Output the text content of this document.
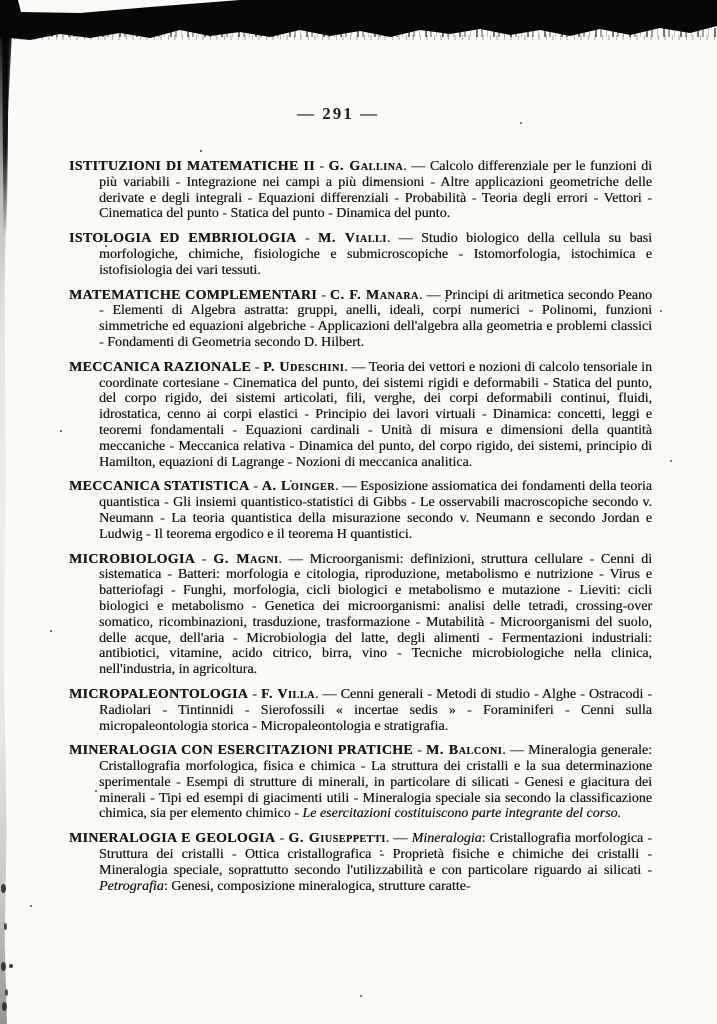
— 291 —

ISTITUZIONI DI MATEMATICHE II - G. Gallina. — Calcolo differenziale per le funzioni di più variabili - Integrazione nei campi a più dimensioni - Altre applicazioni geometriche delle derivate e degli integrali - Equazioni differenziali - Probabilità - Teoria degli errori - Vettori - Cinematica del punto - Statica del punto - Dinamica del punto.

ISTOLOGIA ED EMBRIOLOGIA - M. Vialli. — Studio biologico della cellula su basi morfologiche, chimiche, fisiologiche e submicroscopiche - Istomorfologia, istochimica e istofisiologia dei vari tessuti.

MATEMATICHE COMPLEMENTARI - C. F. Manara. — Principi di aritmetica secondo Peano - Elementi di Algebra astratta: gruppi, anelli, ideali, corpi numerici - Polinomi, funzioni simmetriche ed equazioni algebriche - Applicazioni dell'algebra alla geometria e problemi classici - Fondamenti di Geometria secondo D. Hilbert.

MECCANICA RAZIONALE - P. Udeschini. — Teoria dei vettori e nozioni di calcolo tensoriale in coordinate cortesiane - Cinematica del punto, dei sistemi rigidi e deformabili - Statica del punto, del corpo rigido, dei sistemi articolati, fili, verghe, dei corpi deformabili continui, fluidi, idrostatica, cenno ai corpi elastici - Principio dei lavori virtuali - Dinamica: concetti, leggi e teoremi fondamentali - Equazioni cardinali - Unità di misura e dimensioni della quantità meccaniche - Meccanica relativa - Dinamica del punto, del corpo rigido, dei sistemi, principio di Hamilton, equazioni di Lagrange - Nozioni di meccanica analitica.

MECCANICA STATISTICA - A. Loinger. — Esposizione assiomatica dei fondamenti della teoria quantistica - Gli insiemi quantistico-statistici di Gibbs - Le osservabili macroscopiche secondo v. Neumann - La teoria quantistica della misurazione secondo v. Neumann e secondo Jordan e Ludwig - Il teorema ergodico e il teorema H quantistici.

MICROBIOLOGIA - G. Magni. — Microorganismi: definizioni, struttura cellulare - Cenni di sistematica - Batteri: morfologia e citologia, riproduzione, metabolismo e nutrizione - Virus e batteriofagi - Funghi, morfologia, cicli biologici e metabolismo e mutazione - Lieviti: cicli biologici e metabolismo - Genetica dei microorganismi: analisi delle tetradi, crossing-over somatico, ricombinazioni, trasduzione, trasformazione - Mutabilità - Microorganismi del suolo, delle acque, dell'aria - Microbiologia del latte, degli alimenti - Fermentazioni industriali: antibiotici, vitamine, acido citrico, birra, vino - Tecniche microbiologiche nella clinica, nell'industria, in agricoltura.

MICROPALEONTOLOGIA - F. Villa. — Cenni generali - Metodi di studio - Alghe - Ostracodi - Radiolari - Tintinnidi - Sierofossili « incertae sedis » - Foraminiferi - Cenni sulla micropaleontologia storica - Micropaleontologia e stratigrafia.

MINERALOGIA CON ESERCITAZIONI PRATICHE - M. Balconi. — Mineralogia generale: Cristallografia morfologica, fisica e chimica - La struttura dei cristalli e la sua determinazione sperimentale - Esempi di strutture di minerali, in particolare di silicati - Genesi e giacitura dei minerali - Tipi ed esempi di giacimenti utili - Mineralogia speciale sia secondo la classificazione chimica, sia per elemento chimico - Le esercitazioni costituiscono parte integrante del corso.

MINERALOGIA E GEOLOGIA - G. Giuseppetti. — Mineralogia: Cristallografia morfologica - Struttura dei cristalli - Ottica cristallografica - Proprietà fisiche e chimiche dei cristalli - Mineralogia speciale, soprattutto secondo l'utilizzabilità e con particolare riguardo ai silicati - Petrografia: Genesi, composizione mineralogica, strutture caratte-
